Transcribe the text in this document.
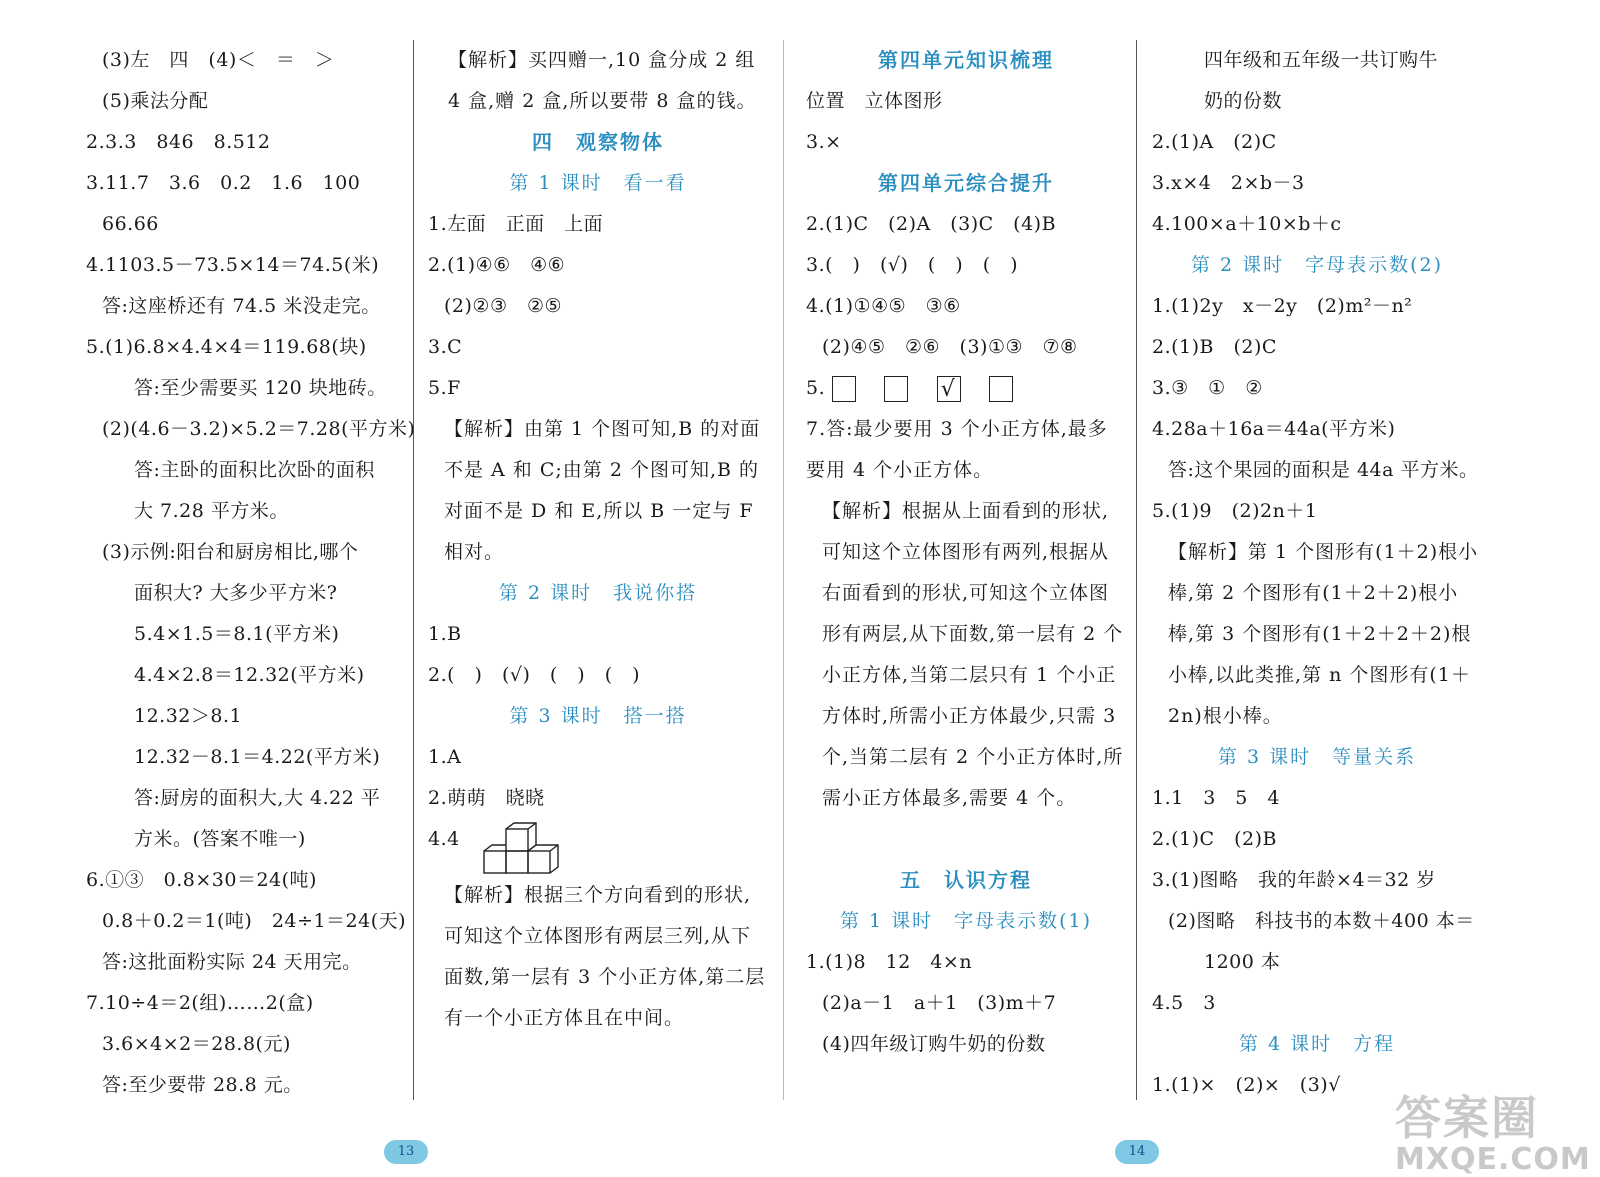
(3)左　四　(4)＜　＝　＞
(5)乘法分配
2.3.3　846　8.512
3.11.7　3.6　0.2　1.6　100
66.66
4.1103.5－73.5×14＝74.5(米)
答:这座桥还有 74.5 米没走完。
5.(1)6.8×4.4×4＝119.68(块)
答:至少需要买 120 块地砖。
(2)(4.6－3.2)×5.2＝7.28(平方米)
答:主卧的面积比次卧的面积
大 7.28 平方米。
(3)示例:阳台和厨房相比,哪个
面积大? 大多少平方米?
5.4×1.5＝8.1(平方米)
4.4×2.8＝12.32(平方米)
12.32＞8.1
12.32－8.1＝4.22(平方米)
答:厨房的面积大,大 4.22 平
方米。(答案不唯一)
6.①③　0.8×30＝24(吨)
0.8＋0.2＝1(吨)　24÷1＝24(天)
答:这批面粉实际 24 天用完。
7.10÷4＝2(组)……2(盒)
3.6×4×2＝28.8(元)
答:至少要带 28.8 元。
【解析】买四赠一,10 盒分成 2 组 4 盒,赠 2 盒,所以要带 8 盒的钱。
四　观察物体
第 1 课时　看一看
1.左面　正面　上面
2.(1)④⑥　④⑥
(2)②③　②⑤
3.C
5.F
【解析】由第 1 个图可知,B 的对面不是 A 和 C;由第 2 个图可知,B 的对面不是 D 和 E,所以 B 一定与 F 相对。
第 2 课时　我说你搭
1.B
2.(　)　(√)　(　)　(　)
第 3 课时　搭一搭
1.A
2.萌萌　晓晓
4.4
【解析】根据三个方向看到的形状,可知这个立体图形有两层三列,从下面数,第一层有 3 个小正方体,第二层有一个小正方体且在中间。
第四单元知识梳理
位置　立体图形
3.×
第四单元综合提升
2.(1)C　(2)A　(3)C　(4)B
3.(　)　(√)　(　)　(　)
4.(1)①④⑤　③⑥
(2)④⑤　②⑥　(3)①③　⑦⑧
5.	√

7.答:最少要用 3 个小正方体,最多要用 4 个小正方体。
【解析】根据从上面看到的形状,可知这个立体图形有两列,根据从右面看到的形状,可知这个立体图形有两层,从下面数,第一层有 2 个小正方体,当第二层只有 1 个小正方体时,所需小正方体最少,只需 3 个,当第二层有 2 个小正方体时,所需小正方体最多,需要 4 个。
五　认识方程
第 1 课时　字母表示数(1)
1.(1)8　12　4×n
(2)a－1　a＋1　(3)m＋7
(4)四年级订购牛奶的份数
四年级和五年级一共订购牛
奶的份数
2.(1)A　(2)C
3.x×4　2×b－3
4.100×a＋10×b＋c
第 2 课时　字母表示数(2)
1.(1)2y　x－2y　(2)m²－n²
2.(1)B　(2)C
3.③　①　②
4.28a＋16a＝44a(平方米)
答:这个果园的面积是 44a 平方米。
5.(1)9　(2)2n＋1
【解析】第 1 个图形有(1＋2)根小棒,第 2 个图形有(1＋2＋2)根小棒,第 3 个图形有(1＋2＋2＋2)根小棒,以此类推,第 n 个图形有(1＋2n)根小棒。
第 3 课时　等量关系
1.1　3　5　4
2.(1)C　(2)B
3.(1)图略　我的年龄×4＝32 岁
(2)图略　科技书的本数＋400 本＝
1200 本
4.5　3
第 4 课时　方程
1.(1)×　(2)×　(3)√
13	14
答案圈
MXQE.COM
